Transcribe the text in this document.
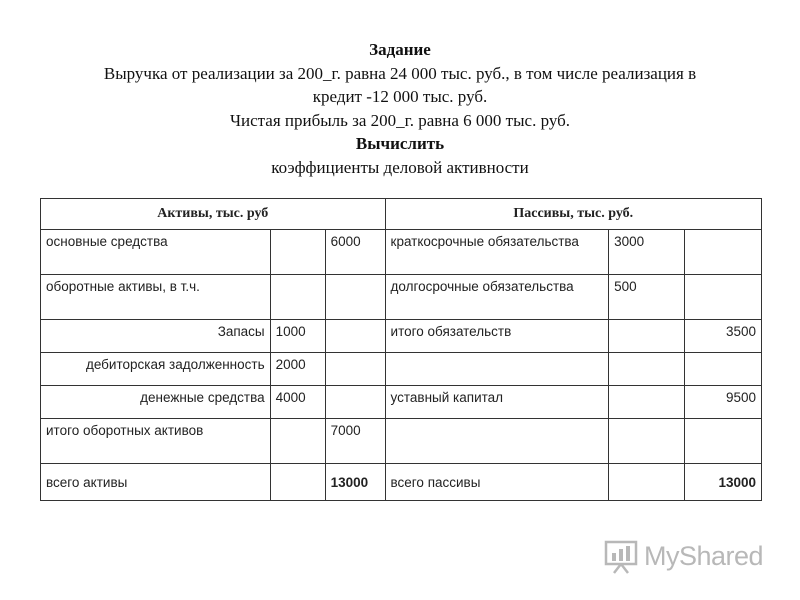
Задание

Выручка от реализации за 200_г. равна 24 000 тыс. руб., в том числе реализация в

кредит -12 000 тыс. руб.

Чистая прибыль за 200_г. равна 6 000 тыс. руб.

Вычислить

коэффициенты деловой активности

Активы, тыс. руб			Пассивы, тыс. руб.		
основные средства		6000	краткосрочные обязательства	3000	
оборотные активы, в т.ч.			долгосрочные обязательства	500	
Запасы	1000		итого обязательств		3500
дебиторская задолженность	2000				
денежные средства	4000		уставный капитал		9500
итого оборотных активов		7000			
всего активы		13000	всего пассивы		13000
MyShared
